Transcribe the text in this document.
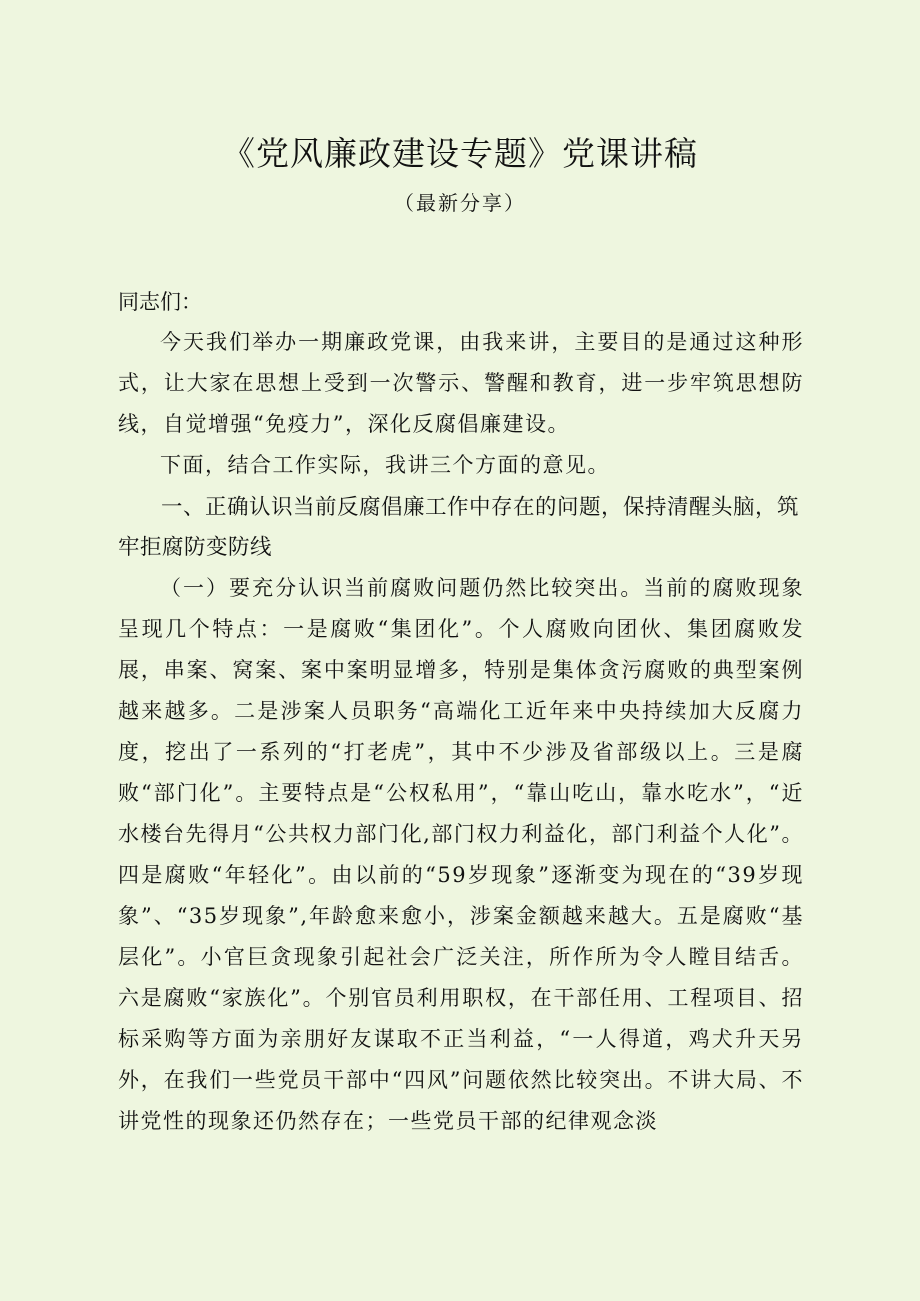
《党风廉政建设专题》党课讲稿
（最新分享）
同志们：

今天我们举办一期廉政党课，由我来讲，主要目的是通过这种形式，让大家在思想上受到一次警示、警醒和教育，进一步牢筑思想防线，自觉增强“免疫力”，深化反腐倡廉建设。

下面，结合工作实际，我讲三个方面的意见。

一、正确认识当前反腐倡廉工作中存在的问题，保持清醒头脑，筑牢拒腐防变防线

（一）要充分认识当前腐败问题仍然比较突出。当前的腐败现象呈现几个特点：一是腐败“集团化”。个人腐败向团伙、集团腐败发展，串案、窝案、案中案明显增多，特别是集体贪污腐败的典型案例越来越多。二是涉案人员职务“高端化工近年来中央持续加大反腐力度，挖出了一系列的“打老虎”，其中不少涉及省部级以上。三是腐败“部门化”。主要特点是“公权私用”，“靠山吃山，靠水吃水”，“近水楼台先得月“公共权力部门化,部门权力利益化，部门利益个人化”。四是腐败“年轻化”。由以前的“59岁现象”逐渐变为现在的“39岁现象”、“35岁现象”,年龄愈来愈小，涉案金额越来越大。五是腐败“基层化”。小官巨贪现象引起社会广泛关注，所作所为令人瞠目结舌。六是腐败“家族化”。个别官员利用职权，在干部任用、工程项目、招标采购等方面为亲朋好友谋取不正当利益，“一人得道，鸡犬升天另外，在我们一些党员干部中“四风”问题依然比较突出。不讲大局、不讲党性的现象还仍然存在；一些党员干部的纪律观念淡
